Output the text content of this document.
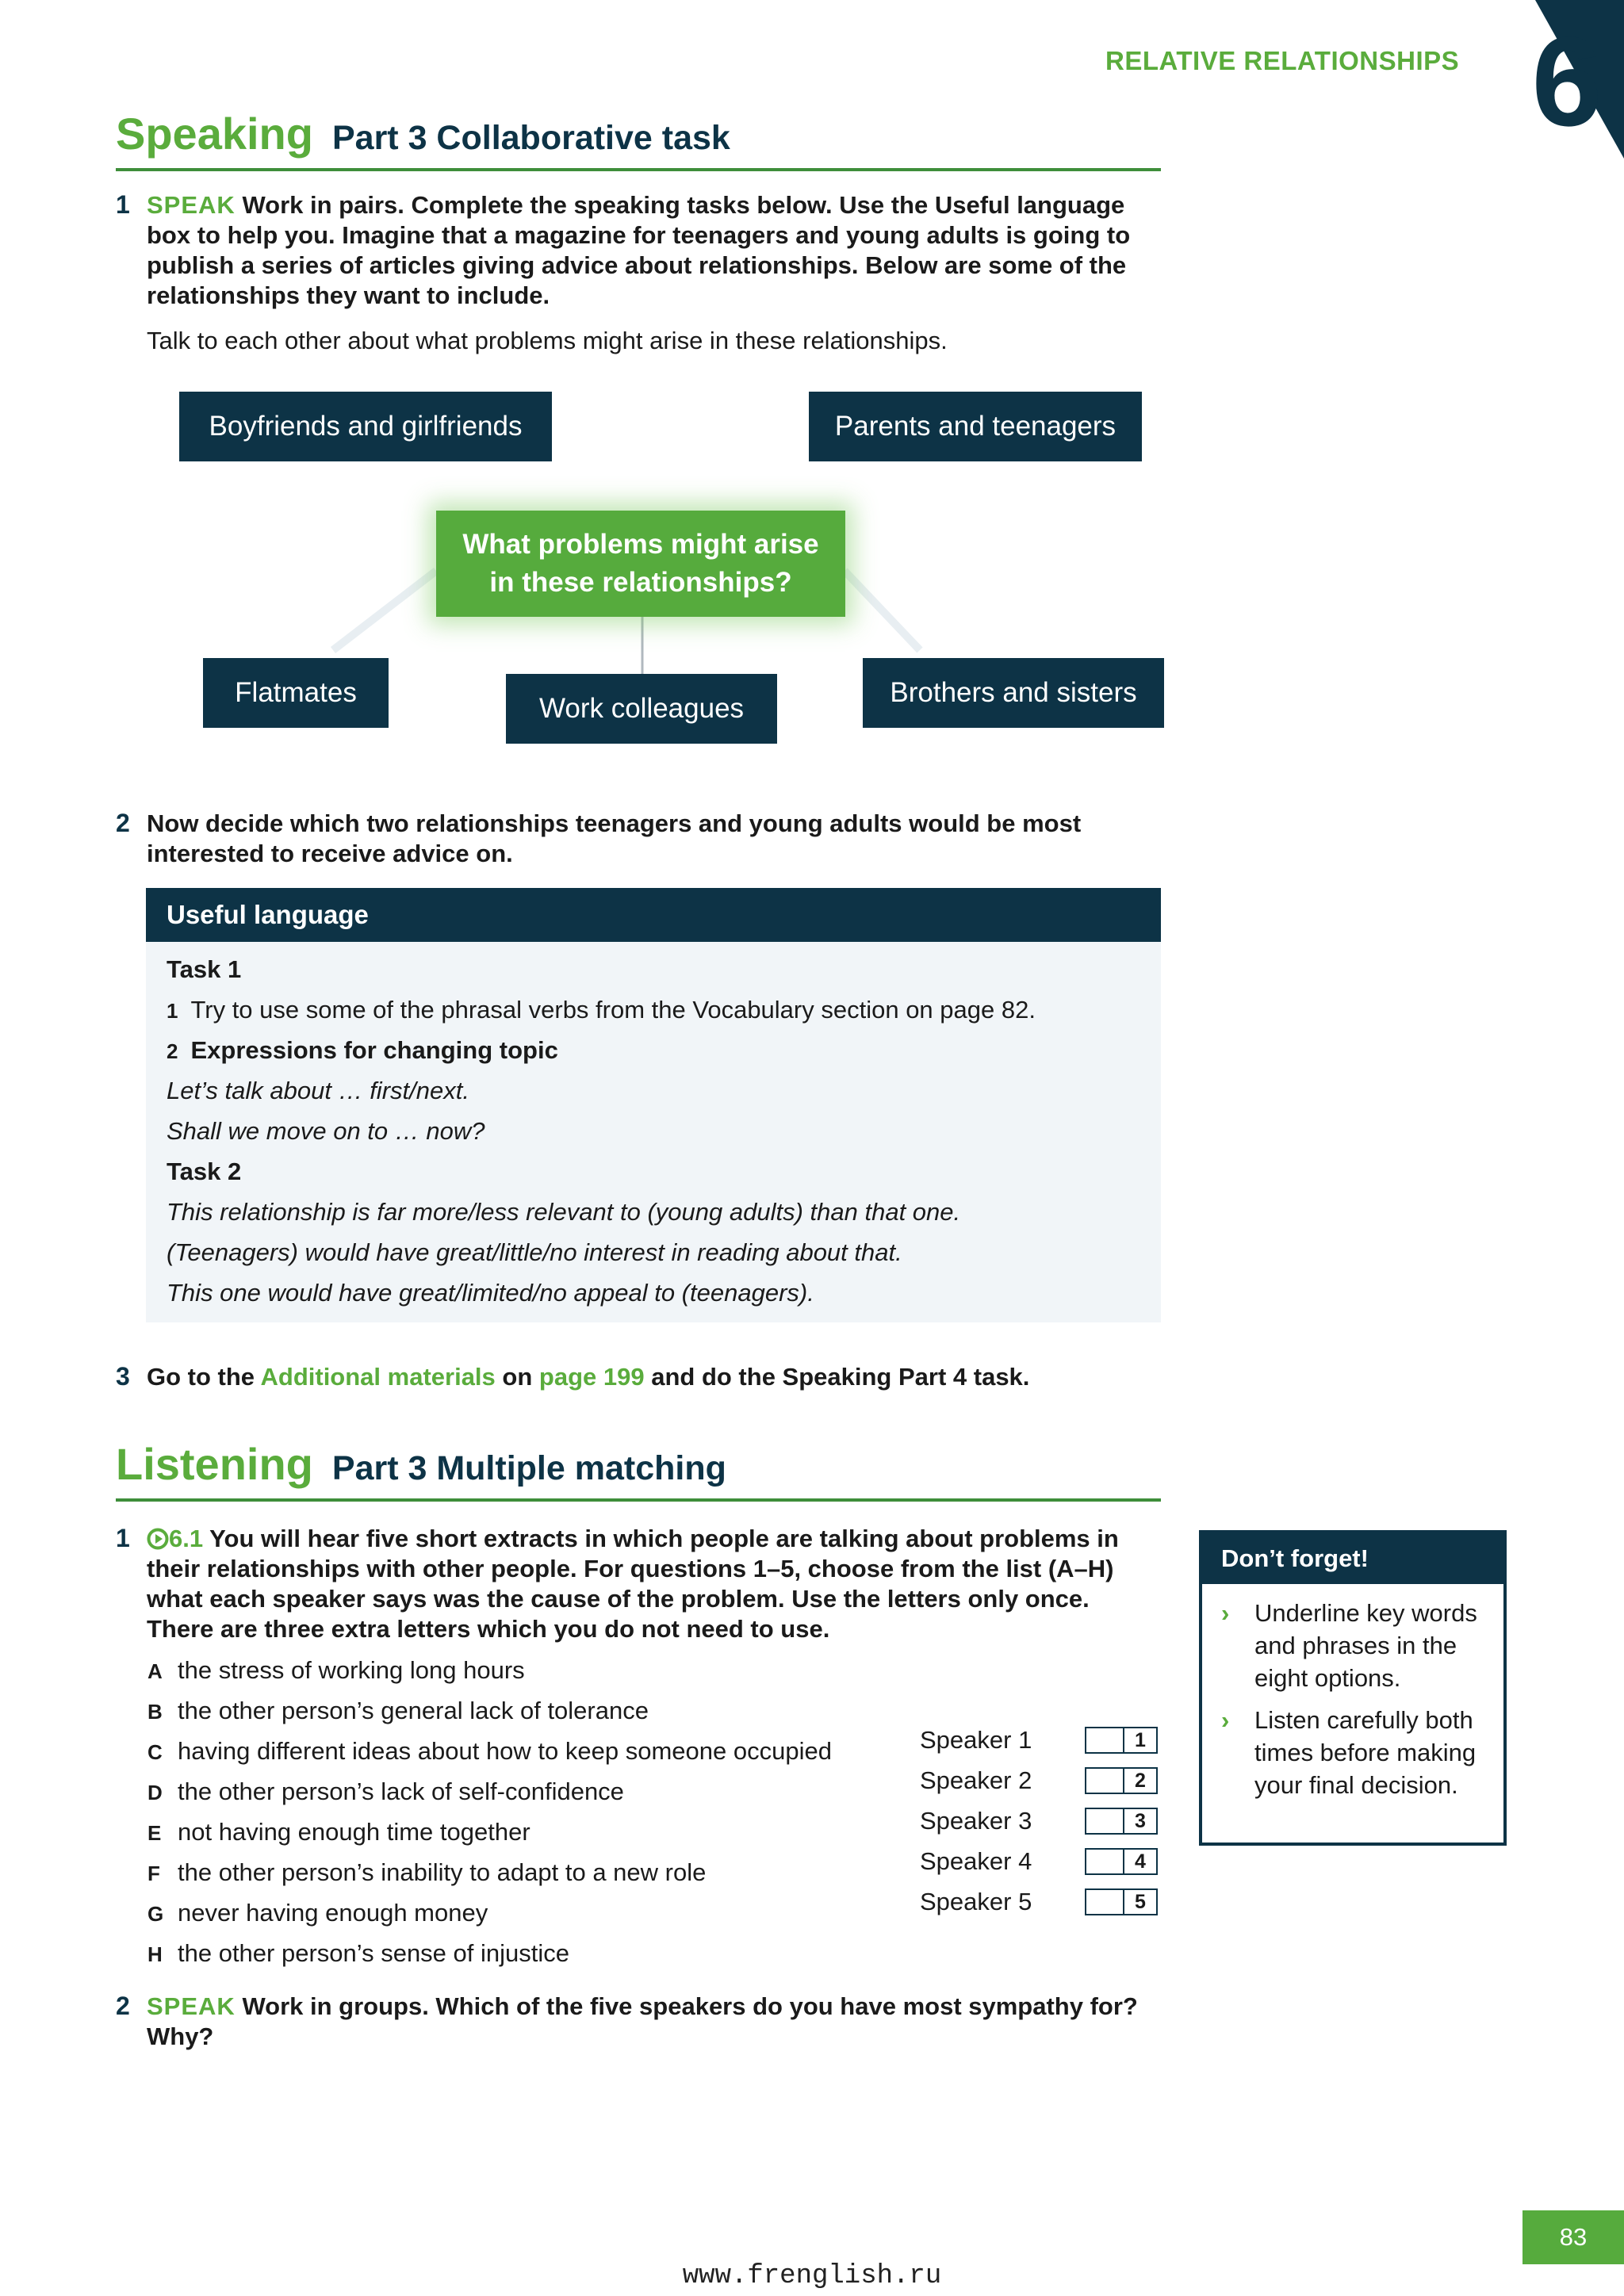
RELATIVE RELATIONSHIPS 6
Speaking Part 3 Collaborative task
1 SPEAK Work in pairs. Complete the speaking tasks below. Use the Useful language
box to help you. Imagine that a magazine for teenagers and young adults is going to
publish a series of articles giving advice about relationships. Below are some of the
relationships they want to include.
Talk to each other about what problems might arise in these relationships.
Boyfriends and girlfriends	Parents and teenagers
What problems might arise
in these relationships?
Flatmates
Work colleagues
Brothers and sisters
2 Now decide which two relationships teenagers and young adults would be most
interested to receive advice on.
Useful language
Task 1
1 Try to use some of the phrasal verbs from the Vocabulary section on page 82.
2 Expressions for changing topic
Let’s talk about … first/next.
Shall we move on to … now?
Task 2
This relationship is far more/less relevant to (young adults) than that one.
(Teenagers) would have great/little/no interest in reading about that.
This one would have great/limited/no appeal to (teenagers).
3 Go to the Additional materials on page 199 and do the Speaking Part 4 task.
Listening Part 3 Multiple matching
1	6.1 You will hear five short extracts in which people are talking about problems in
their relationships with other people. For questions 1–5, choose from the list (A–H)
what each speaker says was the cause of the problem. Use the letters only once.
There are three extra letters which you do not need to use.
A the stress of working long hours
B the other person’s general lack of tolerance
C having different ideas about how to keep someone occupied
D the other person’s lack of self-confidence
E not having enough time together
F the other person’s inability to adapt to a new role
G never having enough money
H the other person’s sense of injustice
Speaker 1	1
Speaker 2	2
Speaker 3	3
Speaker 4	4
Speaker 5	5
2 SPEAK Work in groups. Which of the five speakers do you have most sympathy for?
Why?
Don’t forget!
› Underline key words and phrases in the eight options.
› Listen carefully both times before making your final decision.
83
www.frenglish.ru
